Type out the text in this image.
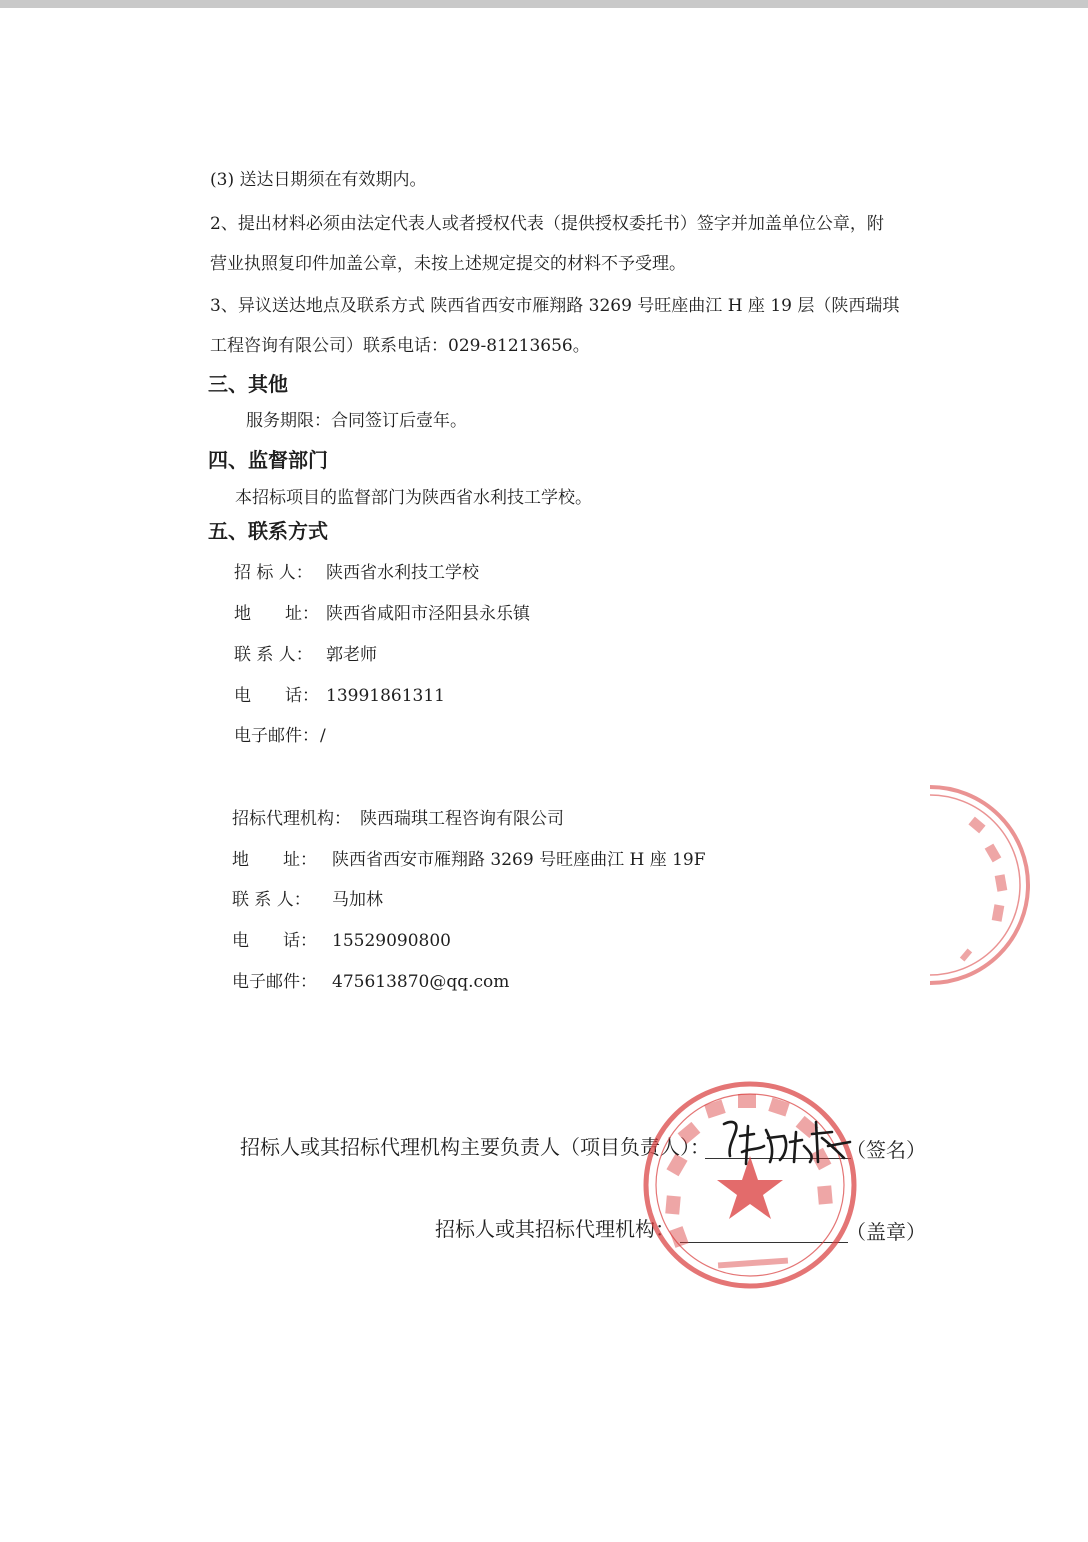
(3) 送达日期须在有效期内。
2、提出材料必须由法定代表人或者授权代表（提供授权委托书）签字并加盖单位公章，附
营业执照复印件加盖公章，未按上述规定提交的材料不予受理。
3、异议送达地点及联系方式 陕西省西安市雁翔路 3269 号旺座曲江 H 座 19 层（陕西瑞琪
工程咨询有限公司）联系电话：029-81213656。
三、其他
服务期限：合同签订后壹年。
四、监督部门
本招标项目的监督部门为陕西省水利技工学校。
五、联系方式
招 标 人： 陕西省水利技工学校
地　　址： 陕西省咸阳市泾阳县永乐镇
联 系 人： 郭老师
电　　话： 13991861311
电子邮件： /
招标代理机构： 陕西瑞琪工程咨询有限公司
地　　址： 陕西省西安市雁翔路 3269 号旺座曲江 H 座 19F
联 系 人： 马加林
电　　话： 15529090800
电子邮件： 475613870@qq.com
招标人或其招标代理机构主要负责人（项目负责人）：	（签名）
招标人或其招标代理机构：	（盖章）
